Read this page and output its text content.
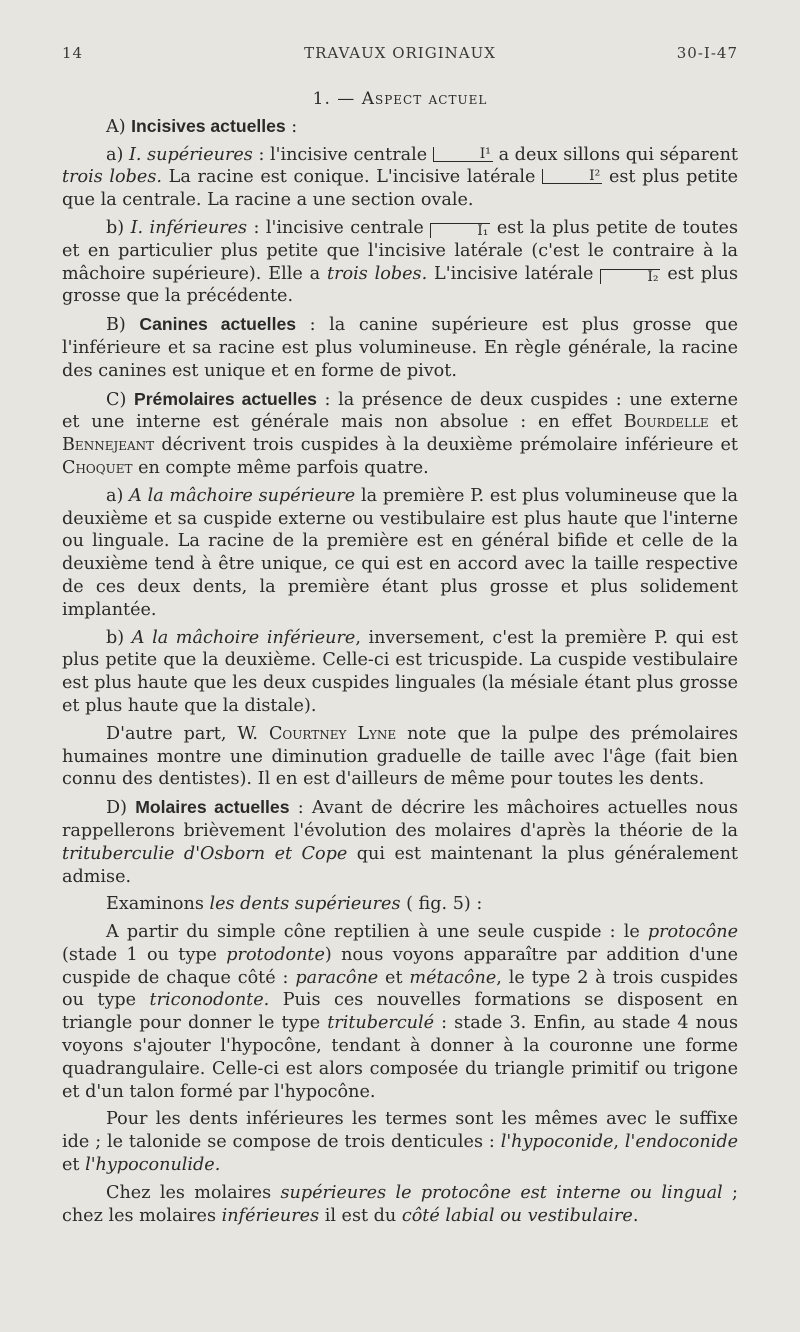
14	TRAVAUX ORIGINAUX	30-I-47
1. — Aspect actuel

A) Incisives actuelles :

a) I. supérieures : l'incisive centrale	I¹ a deux sillons qui séparent trois lobes. La racine est conique. L'incisive latérale	I² est plus petite que la centrale. La racine a une section ovale.

b) I. inférieures : l'incisive centrale	I₁ est la plus petite de toutes et en particulier plus petite que l'incisive latérale (c'est le contraire à la mâchoire supérieure). Elle a trois lobes. L'incisive latérale	I₂ est plus grosse que la précédente.

B) Canines actuelles : la canine supérieure est plus grosse que l'inférieure et sa racine est plus volumineuse. En règle générale, la racine des canines est unique et en forme de pivot.

C) Prémolaires actuelles : la présence de deux cuspides : une externe et une interne est générale mais non absolue : en effet Bourdelle et Bennejeant décrivent trois cuspides à la deuxième prémolaire inférieure et Choquet en compte même parfois quatre.

a) A la mâchoire supérieure la première P. est plus volumineuse que la deuxième et sa cuspide externe ou vestibulaire est plus haute que l'interne ou linguale. La racine de la première est en général bifide et celle de la deuxième tend à être unique, ce qui est en accord avec la taille respective de ces deux dents, la première étant plus grosse et plus solidement implantée.

b) A la mâchoire inférieure, inversement, c'est la première P. qui est plus petite que la deuxième. Celle-ci est tricuspide. La cuspide vestibulaire est plus haute que les deux cuspides linguales (la mésiale étant plus grosse et plus haute que la distale).

D'autre part, W. Courtney Lyne note que la pulpe des prémolaires humaines montre une diminution graduelle de taille avec l'âge (fait bien connu des dentistes). Il en est d'ailleurs de même pour toutes les dents.

D) Molaires actuelles : Avant de décrire les mâchoires actuelles nous rappellerons brièvement l'évolution des molaires d'après la théorie de la trituberculie d'Osborn et Cope qui est maintenant la plus généralement admise.

Examinons les dents supérieures ( fig. 5) :

A partir du simple cône reptilien à une seule cuspide : le protocône (stade 1 ou type protodonte) nous voyons apparaître par addition d'une cuspide de chaque côté : paracône et métacône, le type 2 à trois cuspides ou type triconodonte. Puis ces nouvelles formations se disposent en triangle pour donner le type trituberculé : stade 3. Enfin, au stade 4 nous voyons s'ajouter l'hypocône, tendant à donner à la couronne une forme quadrangulaire. Celle-ci est alors composée du triangle primitif ou trigone et d'un talon formé par l'hypocône.

Pour les dents inférieures les termes sont les mêmes avec le suffixe ide ; le talonide se compose de trois denticules : l'hypoconide, l'endoconide et l'hypoconulide.

Chez les molaires supérieures le protocône est interne ou lingual ; chez les molaires inférieures il est du côté labial ou vestibulaire.
